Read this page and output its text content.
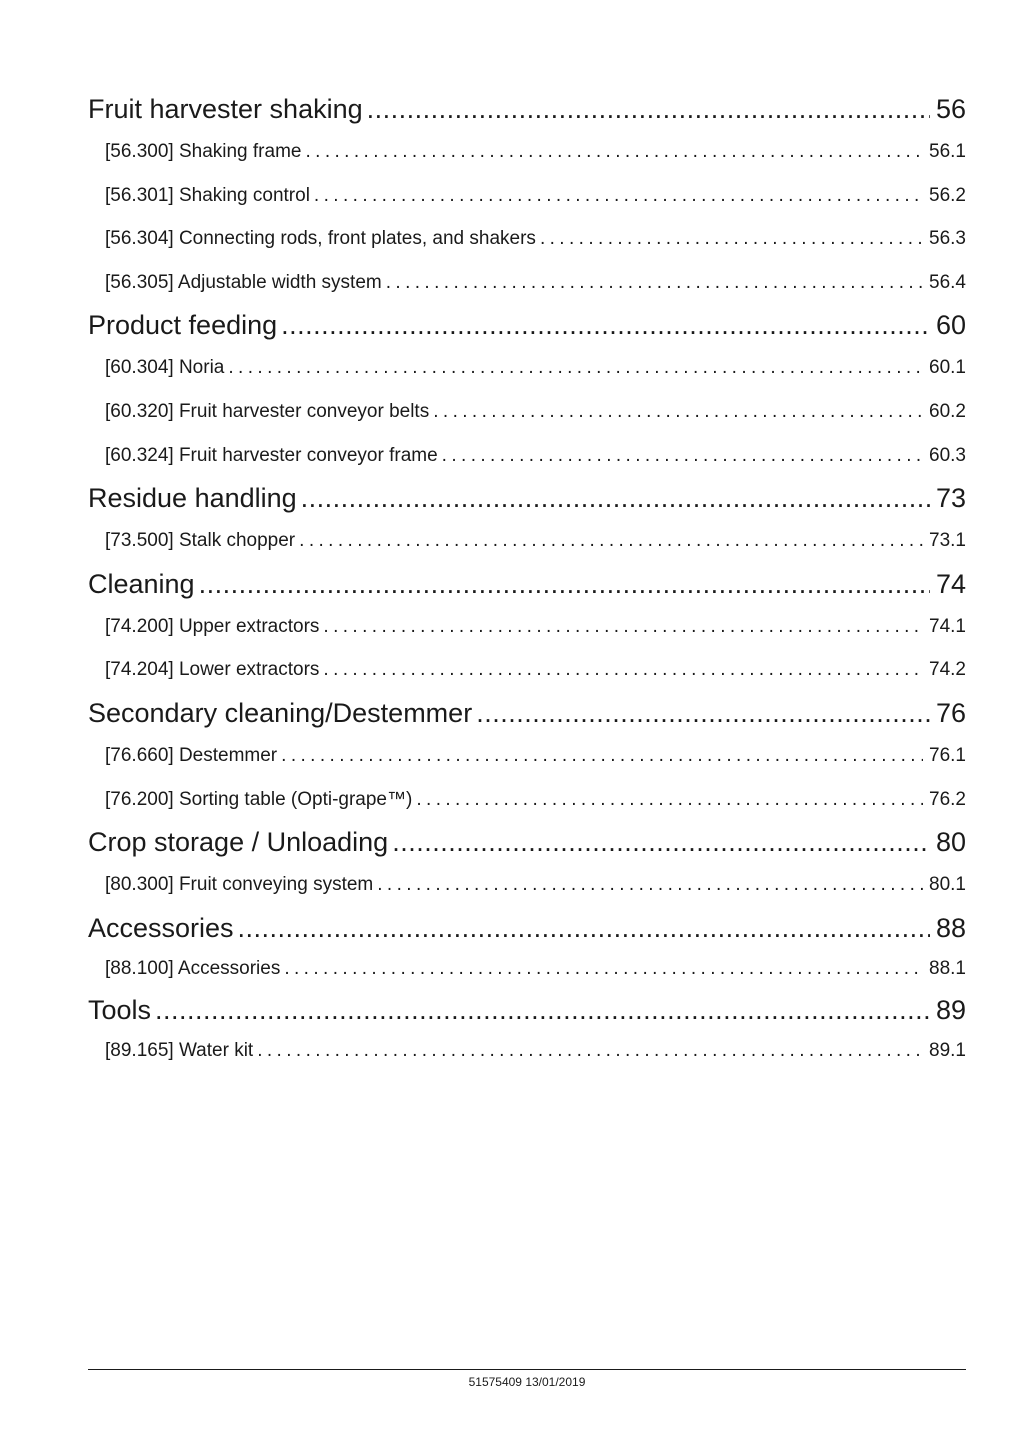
Fruit harvester shaking .....	56
[56.300] Shaking frame .....	56.1
[56.301] Shaking control .....	56.2
[56.304] Connecting rods, front plates, and shakers .....	56.3
[56.305] Adjustable width system .....	56.4
Product feeding .....	60
[60.304] Noria .....	60.1
[60.320] Fruit harvester conveyor belts .....	60.2
[60.324] Fruit harvester conveyor frame .....	60.3
Residue handling .....	73
[73.500] Stalk chopper .....	73.1
Cleaning .....	74
[74.200] Upper extractors .....	74.1
[74.204] Lower extractors .....	74.2
Secondary cleaning/Destemmer .....	76
[76.660] Destemmer .....	76.1
[76.200] Sorting table (Opti-grape™) .....	76.2
Crop storage / Unloading .....	80
[80.300] Fruit conveying system .....	80.1
Accessories .....	88
[88.100] Accessories .....	88.1
Tools .....	89
[89.165] Water kit .....	89.1
51575409 13/01/2019
